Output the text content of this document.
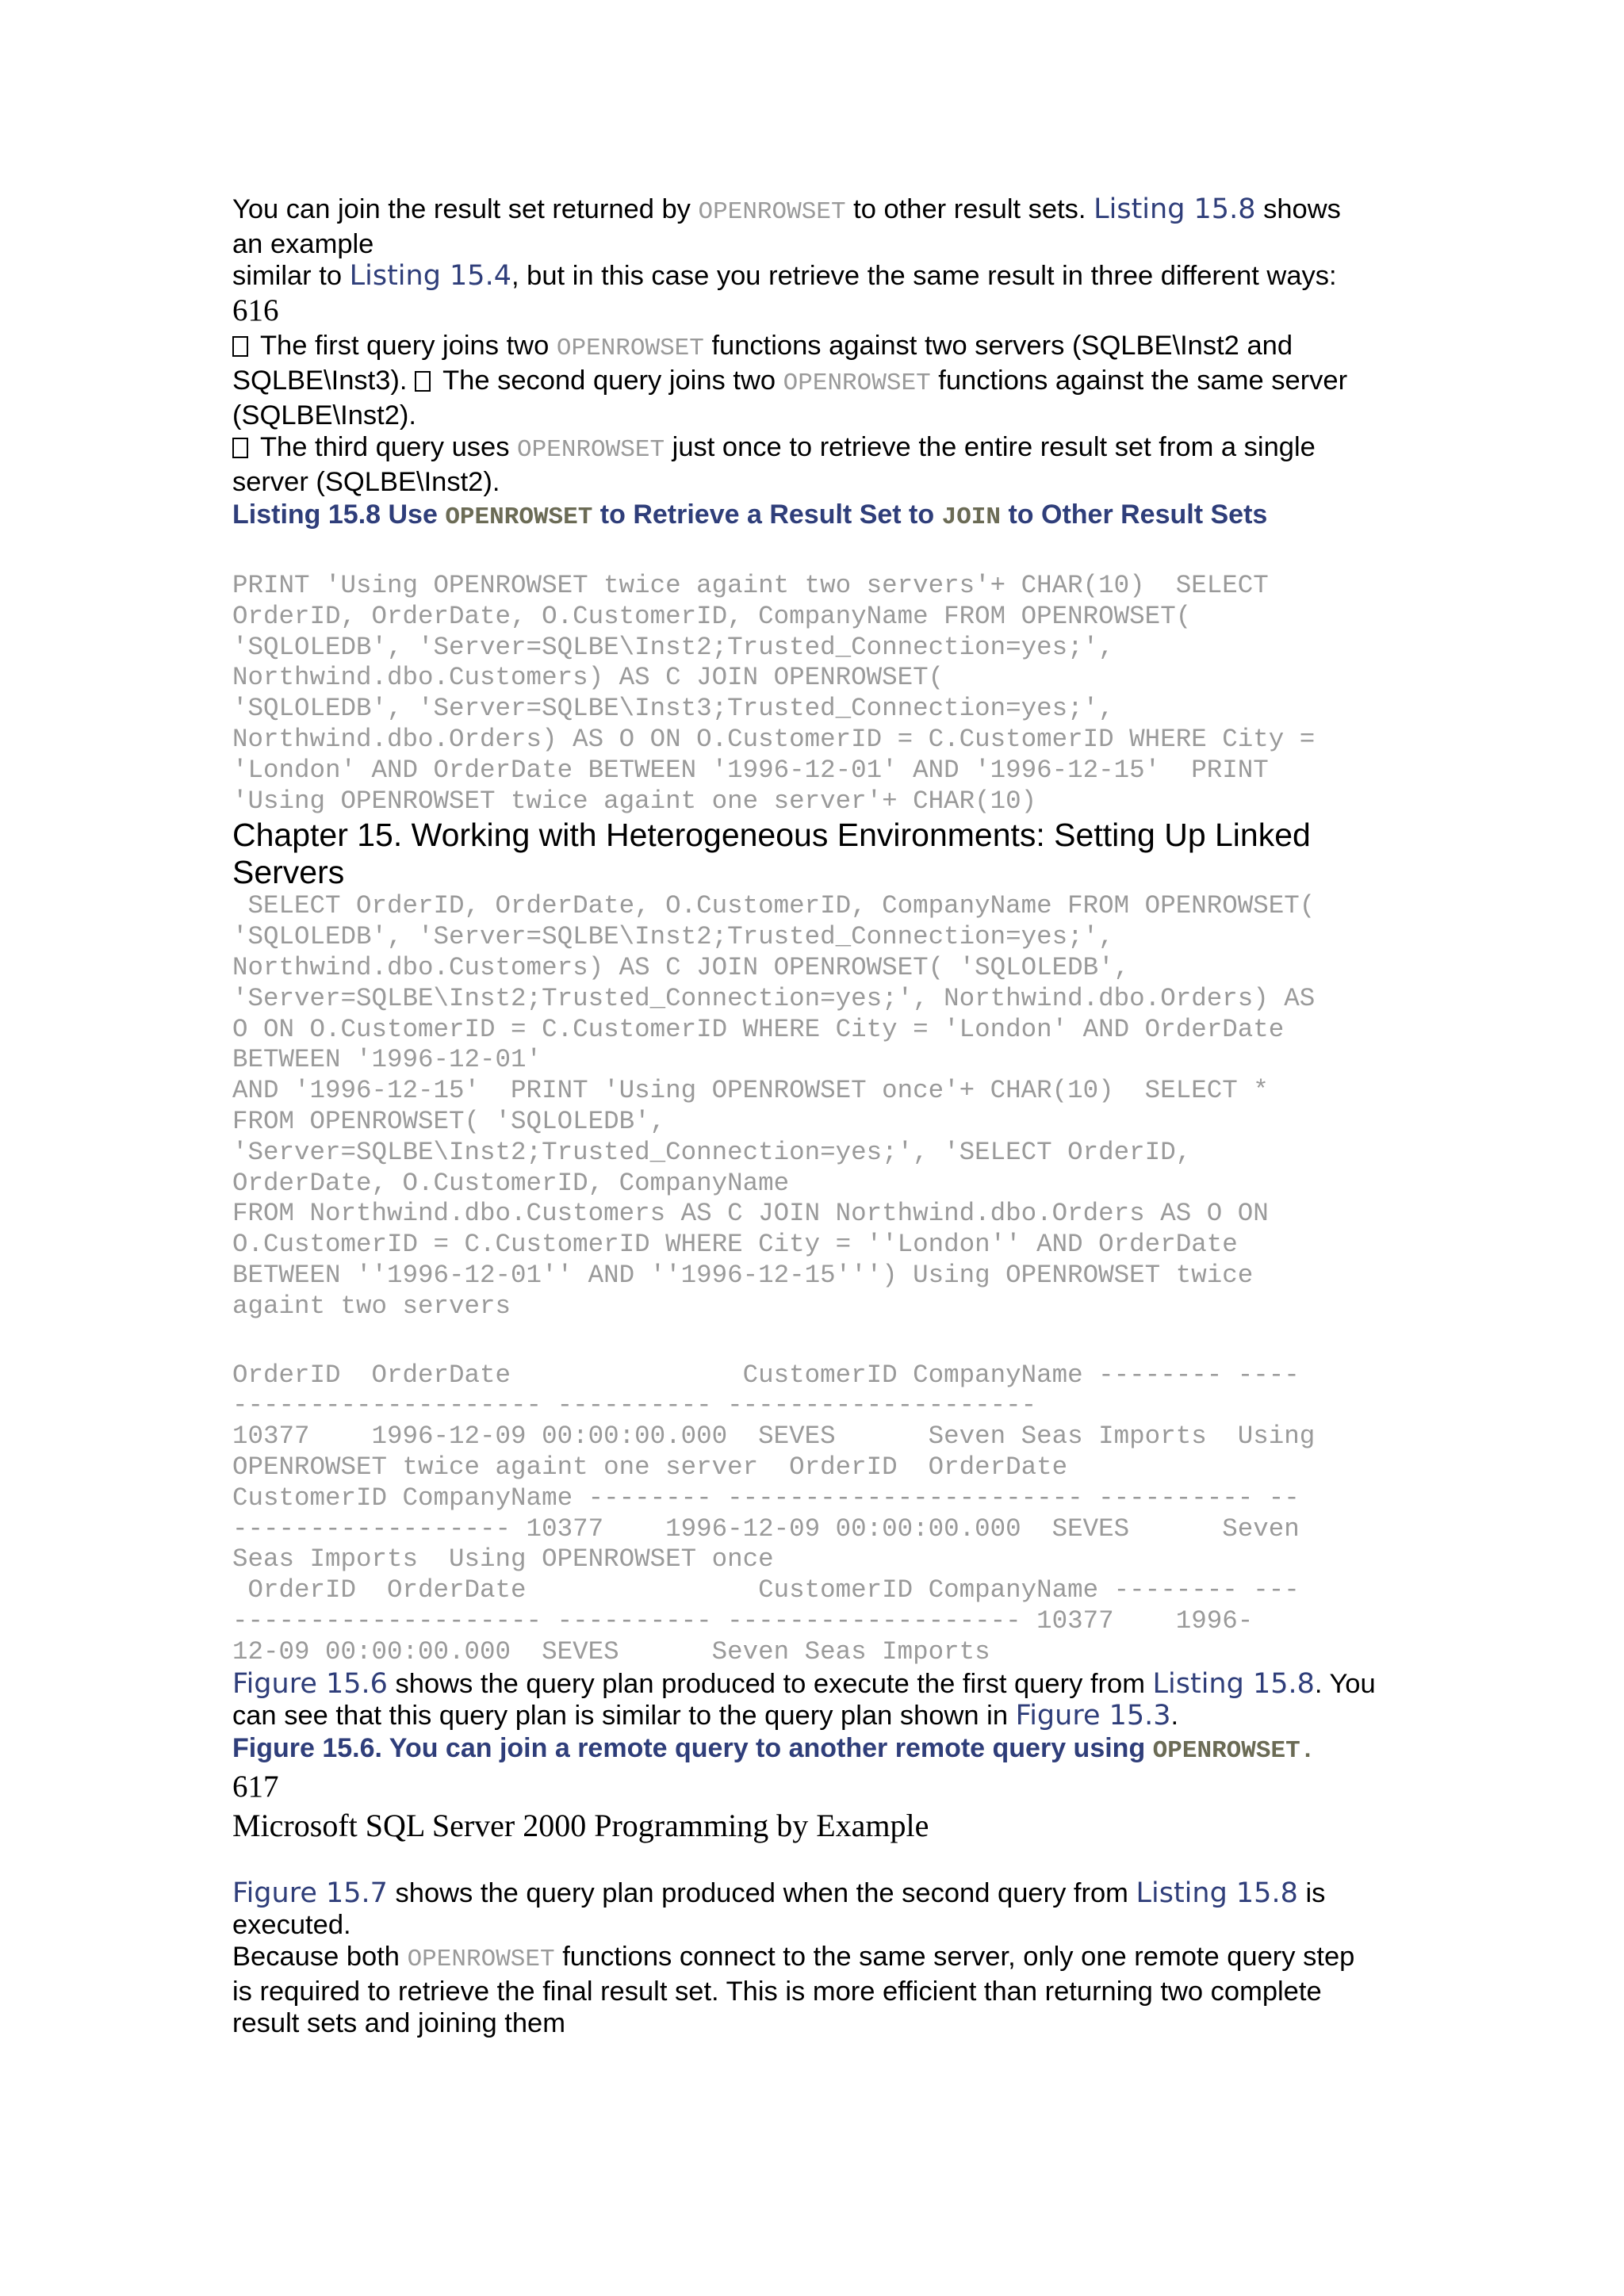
You can join the result set returned by OPENROWSET to other result sets. Listing 15.8 shows

an example

similar to Listing 15.4, but in this case you retrieve the same result in three different ways:

616

The first query joins two OPENROWSET functions against two servers (SQLBE\Inst2 and

SQLBE\Inst3).  The second query joins two OPENROWSET functions against the same server

(SQLBE\Inst2).

The third query uses OPENROWSET just once to retrieve the entire result set from a single

server (SQLBE\Inst2).

Listing 15.8 Use OPENROWSET to Retrieve a Result Set to JOIN to Other Result Sets

PRINT 'Using OPENROWSET twice againt two servers'+ CHAR(10)  SELECT

OrderID, OrderDate, O.CustomerID, CompanyName FROM OPENROWSET(

'SQLOLEDB', 'Server=SQLBE\Inst2;Trusted_Connection=yes;',

Northwind.dbo.Customers) AS C JOIN OPENROWSET(

'SQLOLEDB', 'Server=SQLBE\Inst3;Trusted_Connection=yes;',

Northwind.dbo.Orders) AS O ON O.CustomerID = C.CustomerID WHERE City =

'London' AND OrderDate BETWEEN '1996-12-01' AND '1996-12-15'  PRINT

'Using OPENROWSET twice againt one server'+ CHAR(10)

Chapter 15. Working with Heterogeneous Environments: Setting Up Linked

Servers

SELECT OrderID, OrderDate, O.CustomerID, CompanyName FROM OPENROWSET(

'SQLOLEDB', 'Server=SQLBE\Inst2;Trusted_Connection=yes;',

Northwind.dbo.Customers) AS C JOIN OPENROWSET( 'SQLOLEDB',

'Server=SQLBE\Inst2;Trusted_Connection=yes;', Northwind.dbo.Orders) AS

O ON O.CustomerID = C.CustomerID WHERE City = 'London' AND OrderDate

BETWEEN '1996-12-01'

AND '1996-12-15'  PRINT 'Using OPENROWSET once'+ CHAR(10)  SELECT *

FROM OPENROWSET( 'SQLOLEDB',

'Server=SQLBE\Inst2;Trusted_Connection=yes;', 'SELECT OrderID,

OrderDate, O.CustomerID, CompanyName

FROM Northwind.dbo.Customers AS C JOIN Northwind.dbo.Orders AS O ON

O.CustomerID = C.CustomerID WHERE City = ''London'' AND OrderDate

BETWEEN ''1996-12-01'' AND ''1996-12-15''') Using OPENROWSET twice

againt two servers

OrderID  OrderDate               CustomerID CompanyName -------- ----

-------------------- ---------- --------------------

10377    1996-12-09 00:00:00.000  SEVES      Seven Seas Imports  Using

OPENROWSET twice againt one server  OrderID  OrderDate

CustomerID CompanyName -------- ----------------------- ---------- --

------------------ 10377    1996-12-09 00:00:00.000  SEVES      Seven

Seas Imports  Using OPENROWSET once

OrderID  OrderDate               CustomerID CompanyName -------- ---

-------------------- ---------- ------------------- 10377    1996-

12-09 00:00:00.000  SEVES      Seven Seas Imports

Figure 15.6 shows the query plan produced to execute the first query from Listing 15.8. You

can see that this query plan is similar to the query plan shown in Figure 15.3.

Figure 15.6. You can join a remote query to another remote query using OPENROWSET.

617

Microsoft SQL Server 2000 Programming by Example

Figure 15.7 shows the query plan produced when the second query from Listing 15.8 is

executed.

Because both OPENROWSET functions connect to the same server, only one remote query step

is required to retrieve the final result set. This is more efficient than returning two complete

result sets and joining them
